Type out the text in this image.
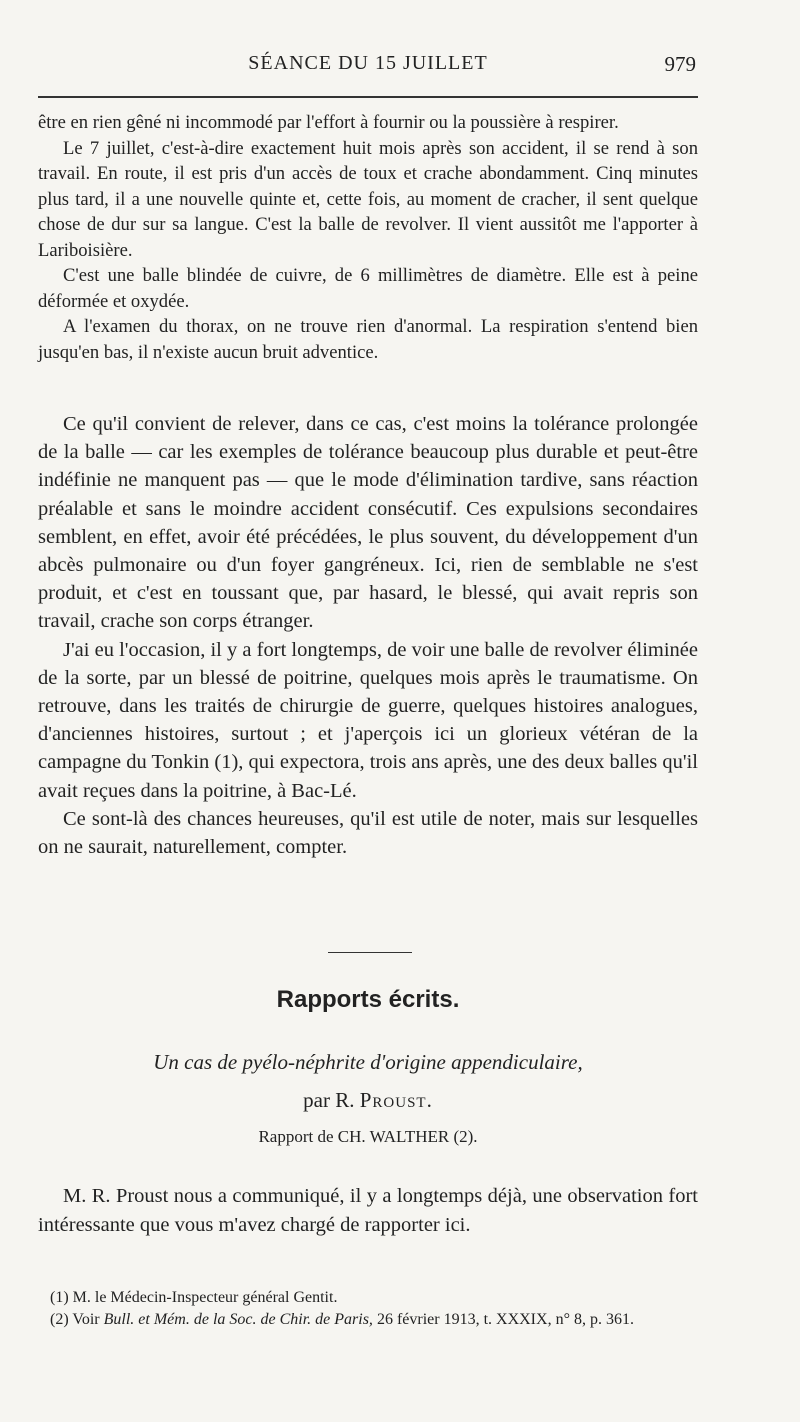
SÉANCE DU 15 JUILLET	979

être en rien gêné ni incommodé par l'effort à fournir ou la poussière à respirer.

Le 7 juillet, c'est-à-dire exactement huit mois après son accident, il se rend à son travail. En route, il est pris d'un accès de toux et crache abondamment. Cinq minutes plus tard, il a une nouvelle quinte et, cette fois, au moment de cracher, il sent quelque chose de dur sur sa langue. C'est la balle de revolver. Il vient aussitôt me l'apporter à Lariboisière.

C'est une balle blindée de cuivre, de 6 millimètres de diamètre. Elle est à peine déformée et oxydée.

A l'examen du thorax, on ne trouve rien d'anormal. La respiration s'entend bien jusqu'en bas, il n'existe aucun bruit adventice.

Ce qu'il convient de relever, dans ce cas, c'est moins la tolérance prolongée de la balle — car les exemples de tolérance beaucoup plus durable et peut-être indéfinie ne manquent pas — que le mode d'élimination tardive, sans réaction préalable et sans le moindre accident consécutif. Ces expulsions secondaires semblent, en effet, avoir été précédées, le plus souvent, du développement d'un abcès pulmonaire ou d'un foyer gangréneux. Ici, rien de semblable ne s'est produit, et c'est en toussant que, par hasard, le blessé, qui avait repris son travail, crache son corps étranger.

J'ai eu l'occasion, il y a fort longtemps, de voir une balle de revolver éliminée de la sorte, par un blessé de poitrine, quelques mois après le traumatisme. On retrouve, dans les traités de chirurgie de guerre, quelques histoires analogues, d'anciennes histoires, surtout ; et j'aperçois ici un glorieux vétéran de la campagne du Tonkin (1), qui expectora, trois ans après, une des deux balles qu'il avait reçues dans la poitrine, à Bac-Lé.

Ce sont-là des chances heureuses, qu'il est utile de noter, mais sur lesquelles on ne saurait, naturellement, compter.

Rapports écrits.
Un cas de pyélo-néphrite d'origine appendiculaire,
par R. Proust.
Rapport de CH. WALTHER (2).

M. R. Proust nous a communiqué, il y a longtemps déjà, une observation fort intéressante que vous m'avez chargé de rapporter ici.

(1) M. le Médecin-Inspecteur général Gentit.

(2) Voir Bull. et Mém. de la Soc. de Chir. de Paris, 26 février 1913, t. XXXIX, n° 8, p. 361.
